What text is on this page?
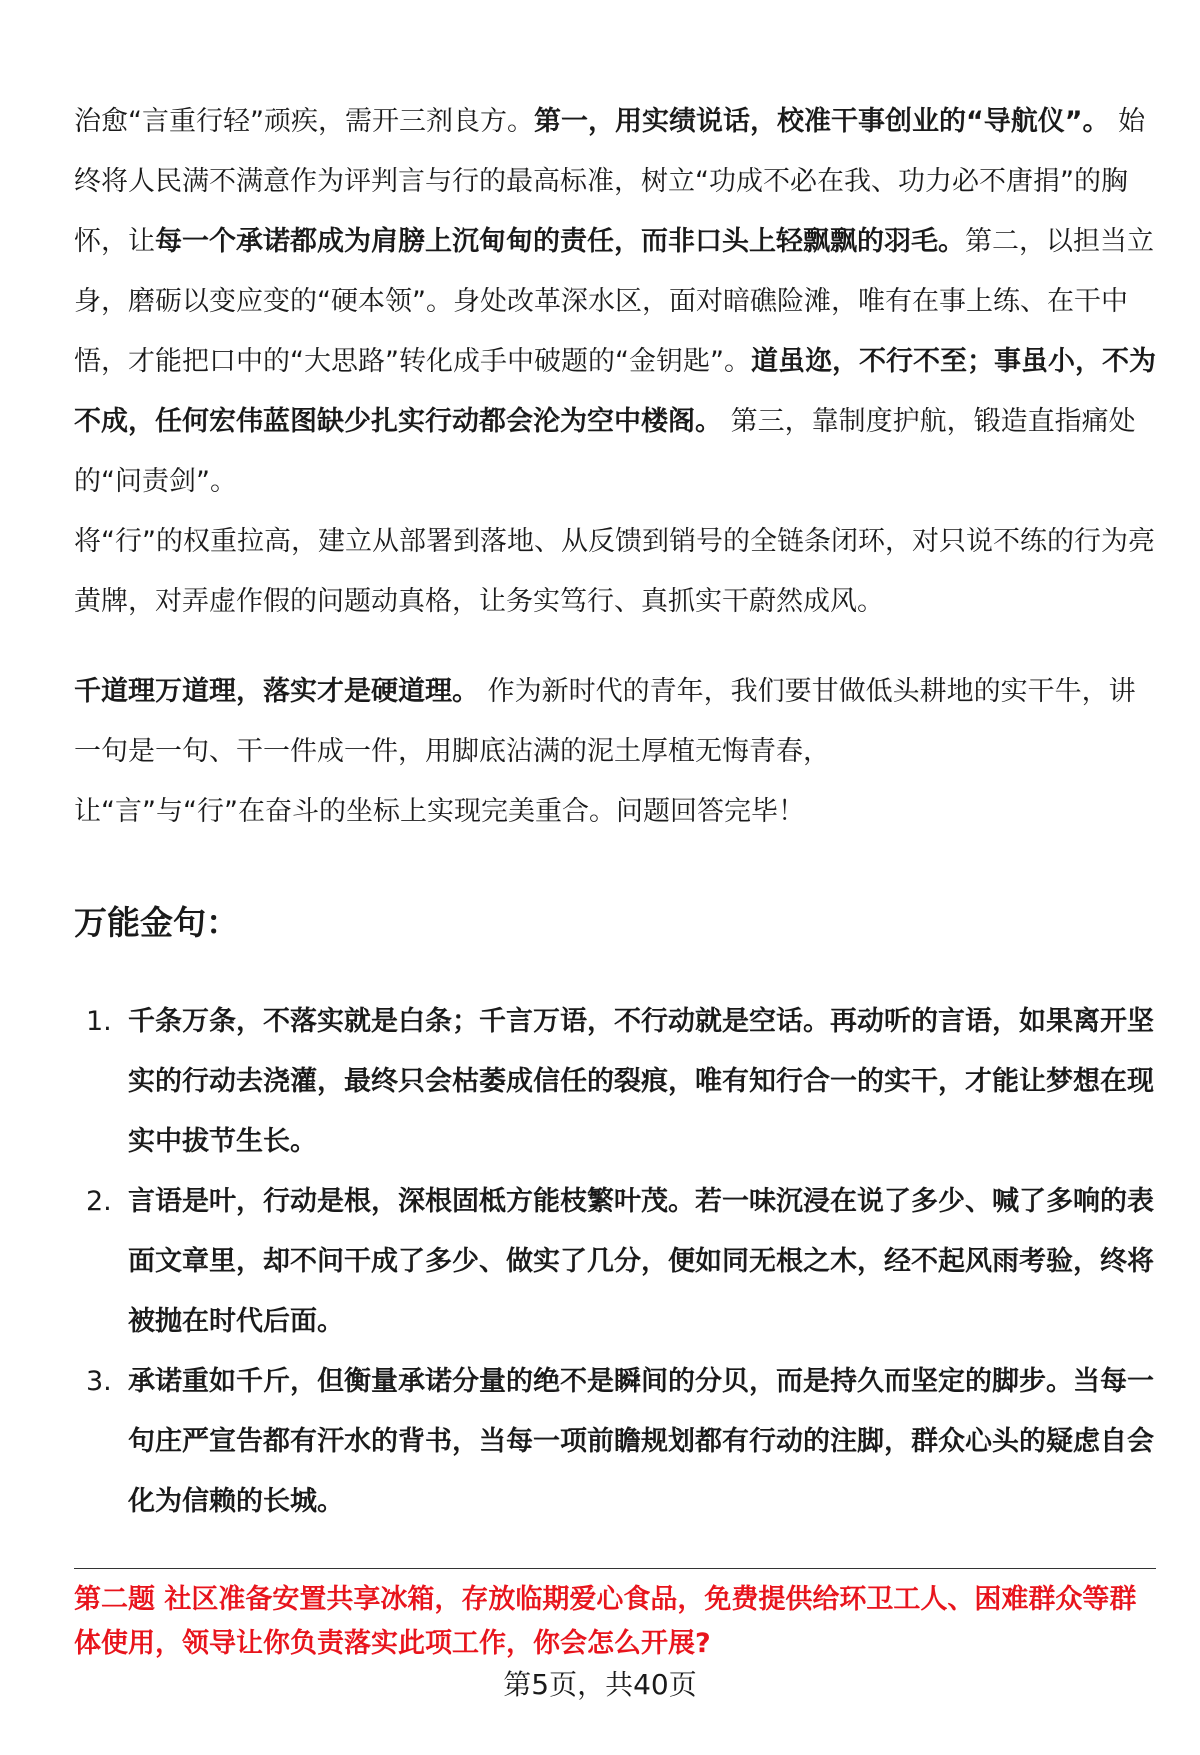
治愈“言重行轻”顽疾，需开三剂良方。第一，用实绩说话，校准干事创业的“导航仪”。 始终将人民满不满意作为评判言与行的最高标准，树立“功成不必在我、功力必不唐捐”的胸怀，让每一个承诺都成为肩膀上沉甸甸的责任，而非口头上轻飘飘的羽毛。第二，以担当立身，磨砺以变应变的“硬本领”。身处改革深水区，面对暗礁险滩，唯有在事上练、在干中悟，才能把口中的“大思路”转化成手中破题的“金钥匙”。道虽迩，不行不至；事虽小，不为不成，任何宏伟蓝图缺少扎实行动都会沦为空中楼阁。 第三，靠制度护航，锻造直指痛处的“问责剑”。
将“行”的权重拉高，建立从部署到落地、从反馈到销号的全链条闭环，对只说不练的行为亮黄牌，对弄虚作假的问题动真格，让务实笃行、真抓实干蔚然成风。

千道理万道理，落实才是硬道理。 作为新时代的青年，我们要甘做低头耕地的实干牛，讲一句是一句、干一件成一件，用脚底沾满的泥土厚植无悔青春，
让“言”与“行”在奋斗的坐标上实现完美重合。问题回答完毕！

万能金句：
1. 千条万条，不落实就是白条；千言万语，不行动就是空话。再动听的言语，如果离开坚实的行动去浇灌，最终只会枯萎成信任的裂痕，唯有知行合一的实干，才能让梦想在现实中拔节生长。
2. 言语是叶，行动是根，深根固柢方能枝繁叶茂。若一味沉浸在说了多少、喊了多响的表面文章里，却不问干成了多少、做实了几分，便如同无根之木，经不起风雨考验，终将被抛在时代后面。
3. 承诺重如千斤，但衡量承诺分量的绝不是瞬间的分贝，而是持久而坚定的脚步。当每一句庄严宣告都有汗水的背书，当每一项前瞻规划都有行动的注脚，群众心头的疑虑自会化为信赖的长城。
第二题 社区准备安置共享冰箱，存放临期爱心食品，免费提供给环卫工人、困难群众等群体使用，领导让你负责落实此项工作，你会怎么开展?
第5页，共40页
